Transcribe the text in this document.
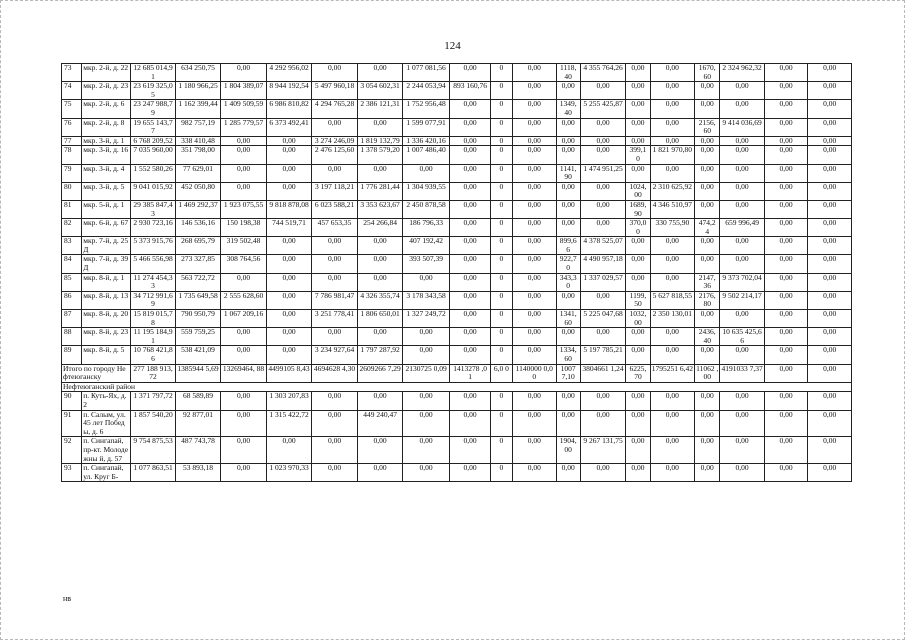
124
73	мкр. 2-й, д. 22	12 685 014,91	634 250,75	0,00	4 292 956,02	0,00	0,00	1 077 081,56	0,00	0	0,00	1118, 40	4 355 764,26	0,00	0,00	1670, 60	2 324 962,32	0,00	0,00
74	мкр. 2-й, д. 23	23 619 325,05	1 180 966,25	1 804 389,07	8 944 192,54	5 497 960,18	3 054 602,31	2 244 053,94	893 160,76	0	0,00	0,00	0,00	0,00	0,00	0,00	0,00	0,00	0,00
75	мкр. 2-й, д. 6	23 247 988,79	1 162 399,44	1 409 509,59	6 986 810,82	4 294 765,28	2 386 121,31	1 752 956,48	0,00	0	0,00	1349, 40	5 255 425,87	0,00	0,00	0,00	0,00	0,00	0,00
76	мкр. 2-й, д. 8	19 655 143,77	982 757,19	1 285 779,57	6 373 492,41	0,00	0,00	1 599 077,91	0,00	0	0,00	0,00	0,00	0,00	0,00	2156, 60	9 414 036,69	0,00	0,00
77	мкр. 3-й, д. 1	6 768 209,52	338 410,48	0,00	0,00	3 274 246,09	1 819 132,79	1 336 420,16	0,00	0	0,00	0,00	0,00	0,00	0,00	0,00	0,00	0,00	0,00
78	мкр. 3-й, д. 16	7 035 960,00	351 798,00	0,00	0,00	2 476 125,60	1 378 579,20	1 007 486,40	0,00	0	0,00	0,00	0,00	399,1 0	1 821 970,80	0,00	0,00	0,00	0,00
79	мкр. 3-й, д. 4	1 552 580,26	77 629,01	0,00	0,00	0,00	0,00	0,00	0,00	0	0,00	1141, 90	1 474 951,25	0,00	0,00	0,00	0,00	0,00	0,00
80	мкр. 3-й, д. 5	9 041 015,92	452 050,80	0,00	0,00	3 197 118,21	1 776 281,44	1 304 939,55	0,00	0	0,00	0,00	0,00	1024, 00	2 310 625,92	0,00	0,00	0,00	0,00
81	мкр. 5-й, д. 1	29 385 847,43	1 469 292,37	1 923 075,55	9 818 878,08	6 023 588,21	3 353 623,67	2 450 878,58	0,00	0	0,00	0,00	0,00	1689, 90	4 346 510,97	0,00	0,00	0,00	0,00
82	мкр. 6-й, д. 67	2 930 723,16	146 536,16	150 198,38	744 519,71	457 653,35	254 266,84	186 796,33	0,00	0	0,00	0,00	0,00	370,0 0	330 755,90	474,2 4	659 996,49	0,00	0,00
83	мкр. 7-й, д. 25Д	5 373 915,76	268 695,79	319 502,48	0,00	0,00	0,00	407 192,42	0,00	0	0,00	899,6 6	4 378 525,07	0,00	0,00	0,00	0,00	0,00	0,00
84	мкр. 7-й, д. 39Д	5 466 556,98	273 327,85	308 764,56	0,00	0,00	0,00	393 507,39	0,00	0	0,00	922,7 0	4 490 957,18	0,00	0,00	0,00	0,00	0,00	0,00
85	мкр. 8-й, д. 1	11 274 454,33	563 722,72	0,00	0,00	0,00	0,00	0,00	0,00	0	0,00	343,3 0	1 337 029,57	0,00	0,00	2147, 36	9 373 702,04	0,00	0,00
86	мкр. 8-й, д. 13	34 712 991,69	1 735 649,58	2 555 628,60	0,00	7 786 981,47	4 326 355,74	3 178 343,58	0,00	0	0,00	0,00	0,00	1199, 50	5 627 818,55	2176, 80	9 502 214,17	0,00	0,00
87	мкр. 8-й, д. 20	15 819 015,78	790 950,79	1 067 209,16	0,00	3 251 778,41	1 806 650,01	1 327 249,72	0,00	0	0,00	1341, 60	5 225 047,68	1032, 00	2 350 130,01	0,00	0,00	0,00	0,00
88	мкр. 8-й, д. 23	11 195 184,91	559 759,25	0,00	0,00	0,00	0,00	0,00	0,00	0	0,00	0,00	0,00	0,00	0,00	2436, 40	10 635 425,66	0,00	0,00
89	мкр. 8-й, д. 5	10 768 421,86	538 421,09	0,00	0,00	3 234 927,64	1 797 287,92	0,00	0,00	0	0,00	1334, 60	5 197 785,21	0,00	0,00	0,00	0,00	0,00	0,00
Итого по городу Нефтеюганску		277 188 913,72	1385944 5,69	13269464, 88	4499105 8,43	4694628 4,30	2609266 7,29	2130725 0,09	1413278 ,01	6,0 0	1140000 0,00	1007 7,10	3804661 1,24	6225, 70	1795251 6,42	11062 ,00	4191033 7,37	0,00	0,00
Нефтеюганский район																			
90	п. Куть-Ях, д. 2	1 371 797,72	68 589,89	0,00	1 303 207,83	0,00	0,00	0,00	0,00	0	0,00	0,00	0,00	0,00	0,00	0,00	0,00	0,00	0,00
91	п. Салым, ул. 45 лет Победы, д. 6	1 857 540,20	92 877,01	0,00	1 315 422,72	0,00	449 240,47	0,00	0,00	0	0,00	0,00	0,00	0,00	0,00	0,00	0,00	0,00	0,00
92	п. Сингапай, пр-кт. Молодежны й, д. 57	9 754 875,53	487 743,78	0,00	0,00	0,00	0,00	0,00	0,00	0	0,00	1904, 00	9 267 131,75	0,00	0,00	0,00	0,00	0,00	0,00
93	п. Сингапай, ул. Круг Б-	1 077 863,51	53 893,18	0,00	1 023 970,33	0,00	0,00	0,00	0,00	0	0,00	0,00	0,00	0,00	0,00	0,00	0,00	0,00	0,00
нв
